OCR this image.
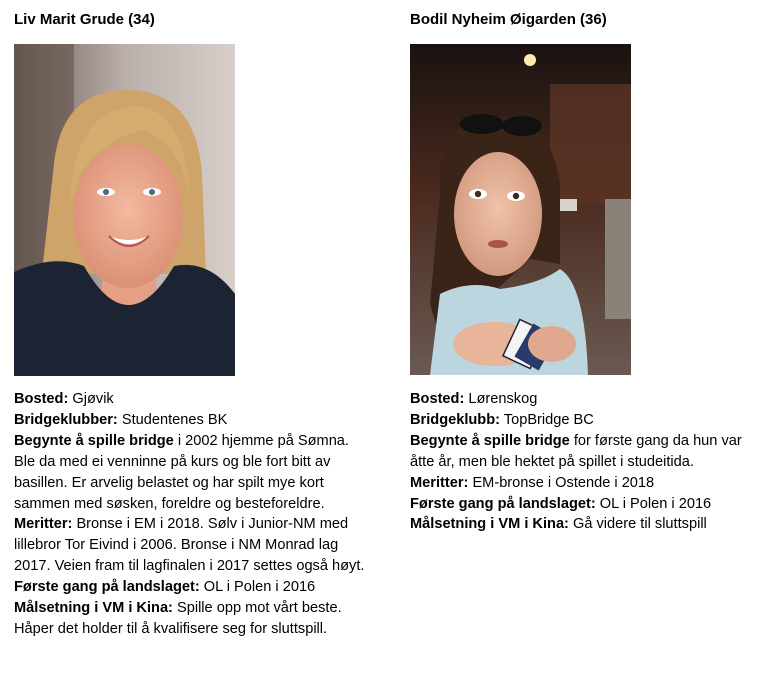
Liv Marit Grude (34)

Bosted: Gjøvik

Bridgeklubber: Studentenes BK

Begynte å spille bridge i 2002 hjemme på Sømna. Ble da med ei venninne på kurs og ble fort bitt av basillen. Er arvelig belastet og har spilt mye kort sammen med søsken, foreldre og besteforeldre.

Meritter: Bronse i EM i 2018. Sølv i Junior-NM med lillebror Tor Eivind i 2006. Bronse i NM Monrad lag 2017. Veien fram til lagfinalen i 2017 settes også høyt.

Første gang på landslaget: OL i Polen i 2016

Målsetning i VM i Kina: Spille opp mot vårt beste. Håper det holder til å kvalifisere seg for sluttspill.

Bodil Nyheim Øigarden (36)

Bosted: Lørenskog

Bridgeklubb: TopBridge BC

Begynte å spille bridge for første gang da hun var åtte år, men ble hektet på spillet i studeitida.

Meritter: EM-bronse i Ostende i 2018

Første gang på landslaget: OL i Polen i 2016

Målsetning i VM i Kina: Gå videre til sluttspill
